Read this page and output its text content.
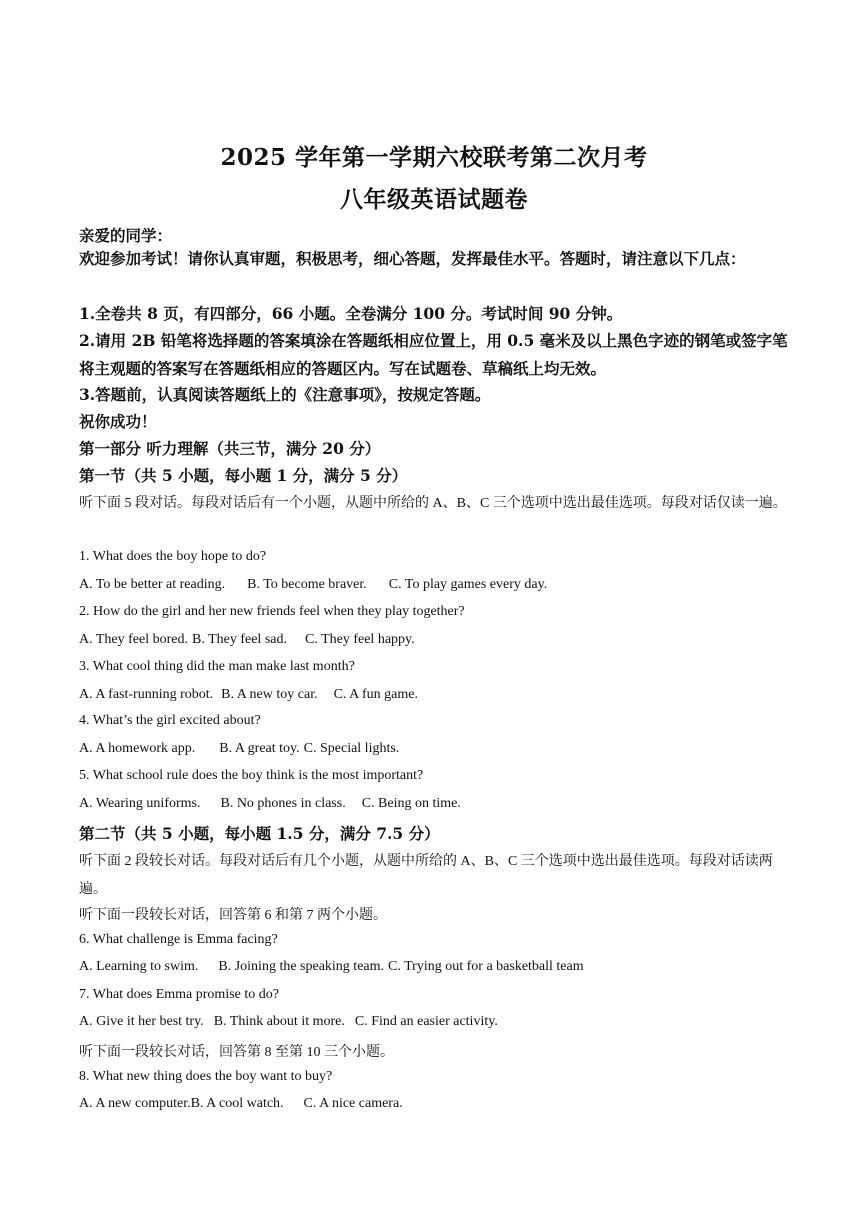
2025 学年第一学期六校联考第二次月考
八年级英语试题卷
亲爱的同学：
欢迎参加考试！请你认真审题，积极思考，细心答题，发挥最佳水平。答题时，请注意以下几点：
1.全卷共 8 页，有四部分，66 小题。全卷满分 100 分。考试时间 90 分钟。
2.请用 2B 铅笔将选择题的答案填涂在答题纸相应位置上，用 0.5 毫米及以上黑色字迹的钢笔或签字笔将主观题的答案写在答题纸相应的答题区内。写在试题卷、草稿纸上均无效。
3.答题前，认真阅读答题纸上的《注意事项》，按规定答题。
祝你成功！
第一部分 听力理解（共三节，满分 20 分）
第一节（共 5 小题，每小题 1 分，满分 5 分）
听下面 5 段对话。每段对话后有一个小题，从题中所给的 A、B、C 三个选项中选出最佳选项。每段对话仅读一遍。
1. What does the boy hope to do?
A. To be better at reading. B. To become braver. C. To play games every day.
2. How do the girl and her new friends feel when they play together?
A. They feel bored. B. They feel sad. C. They feel happy.
3. What cool thing did the man make last month?
A. A fast-running robot. B. A new toy car. C. A fun game.
4. What’s the girl excited about?
A. A homework app. B. A great toy. C. Special lights.
5. What school rule does the boy think is the most important?
A. Wearing uniforms. B. No phones in class. C. Being on time.
第二节（共 5 小题，每小题 1.5 分，满分 7.5 分）
听下面 2 段较长对话。每段对话后有几个小题，从题中所给的 A、B、C 三个选项中选出最佳选项。每段对话读两遍。
听下面一段较长对话，回答第 6 和第 7 两个小题。
6. What challenge is Emma facing?
A. Learning to swim. B. Joining the speaking team. C. Trying out for a basketball team
7. What does Emma promise to do?
A. Give it her best try. B. Think about it more. C. Find an easier activity.
听下面一段较长对话，回答第 8 至第 10 三个小题。
8. What new thing does the boy want to buy?
A. A new computer.B. A cool watch. C. A nice camera.
